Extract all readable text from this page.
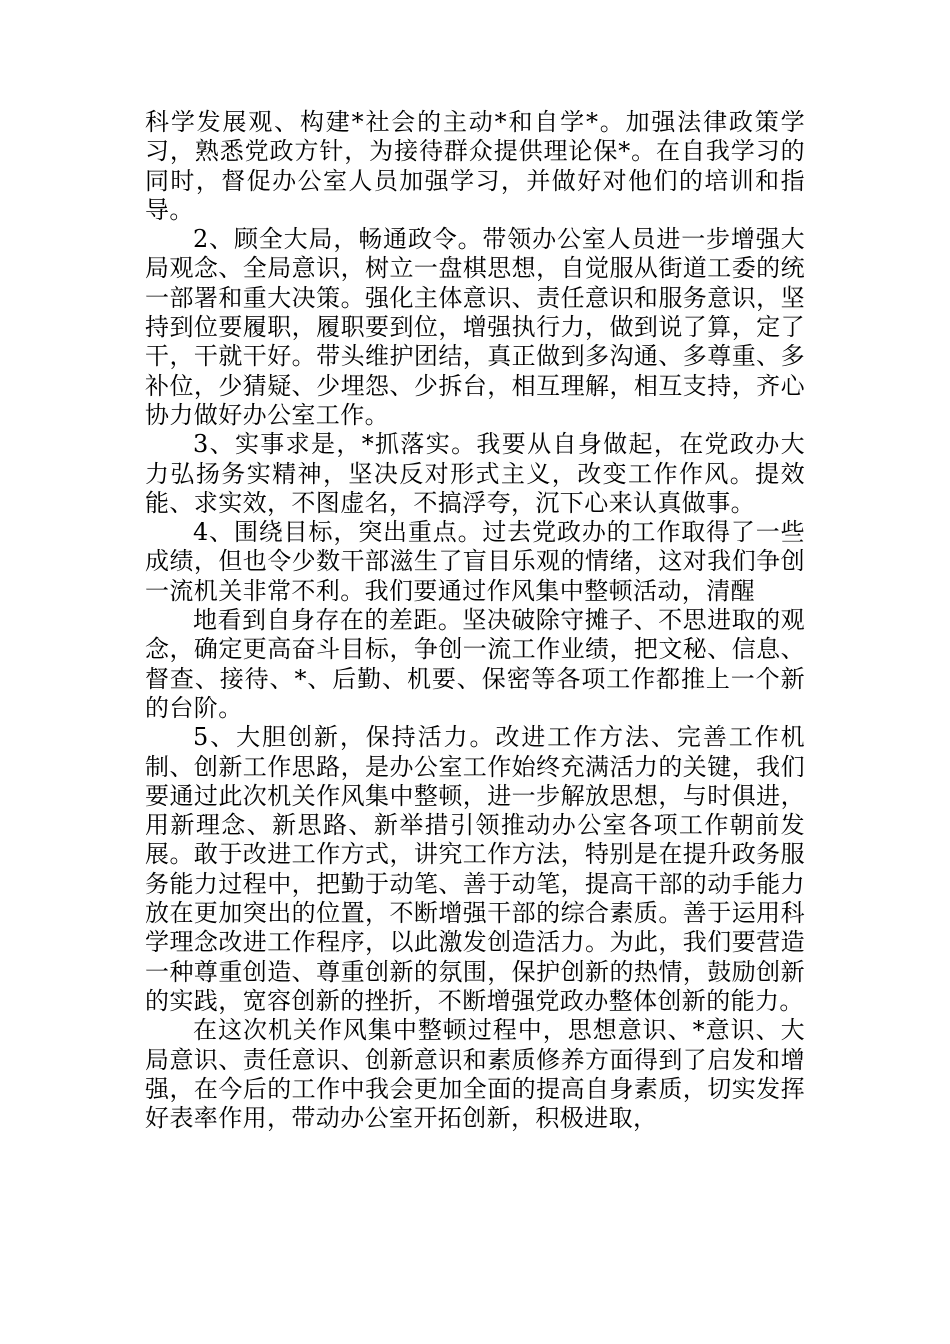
科学发展观、构建*社会的主动*和自学*。加强法律政策学习，熟悉党政方针，为接待群众提供理论保*。在自我学习的同时，督促办公室人员加强学习，并做好对他们的培训和指导。

2、顾全大局，畅通政令。带领办公室人员进一步增强大局观念、全局意识，树立一盘棋思想，自觉服从街道工委的统一部署和重大决策。强化主体意识、责任意识和服务意识，坚持到位要履职，履职要到位，增强执行力，做到说了算，定了干，干就干好。带头维护团结，真正做到多沟通、多尊重、多补位，少猜疑、少埋怨、少拆台，相互理解，相互支持，齐心协力做好办公室工作。

3、实事求是，*抓落实。我要从自身做起，在党政办大力弘扬务实精神，坚决反对形式主义，改变工作作风。提效能、求实效，不图虚名，不搞浮夸，沉下心来认真做事。

4、围绕目标，突出重点。过去党政办的工作取得了一些成绩，但也令少数干部滋生了盲目乐观的情绪，这对我们争创一流机关非常不利。我们要通过作风集中整顿活动，清醒

地看到自身存在的差距。坚决破除守摊子、不思进取的观念，确定更高奋斗目标，争创一流工作业绩，把文秘、信息、督查、接待、*、后勤、机要、保密等各项工作都推上一个新的台阶。

5、大胆创新，保持活力。改进工作方法、完善工作机制、创新工作思路，是办公室工作始终充满活力的关键，我们要通过此次机关作风集中整顿，进一步解放思想，与时俱进，用新理念、新思路、新举措引领推动办公室各项工作朝前发展。敢于改进工作方式，讲究工作方法，特别是在提升政务服务能力过程中，把勤于动笔、善于动笔，提高干部的动手能力放在更加突出的位置，不断增强干部的综合素质。善于运用科学理念改进工作程序，以此激发创造活力。为此，我们要营造一种尊重创造、尊重创新的氛围，保护创新的热情，鼓励创新的实践，宽容创新的挫折，不断增强党政办整体创新的能力。

在这次机关作风集中整顿过程中，思想意识、*意识、大局意识、责任意识、创新意识和素质修养方面得到了启发和增强，在今后的工作中我会更加全面的提高自身素质，切实发挥好表率作用，带动办公室开拓创新，积极进取，
